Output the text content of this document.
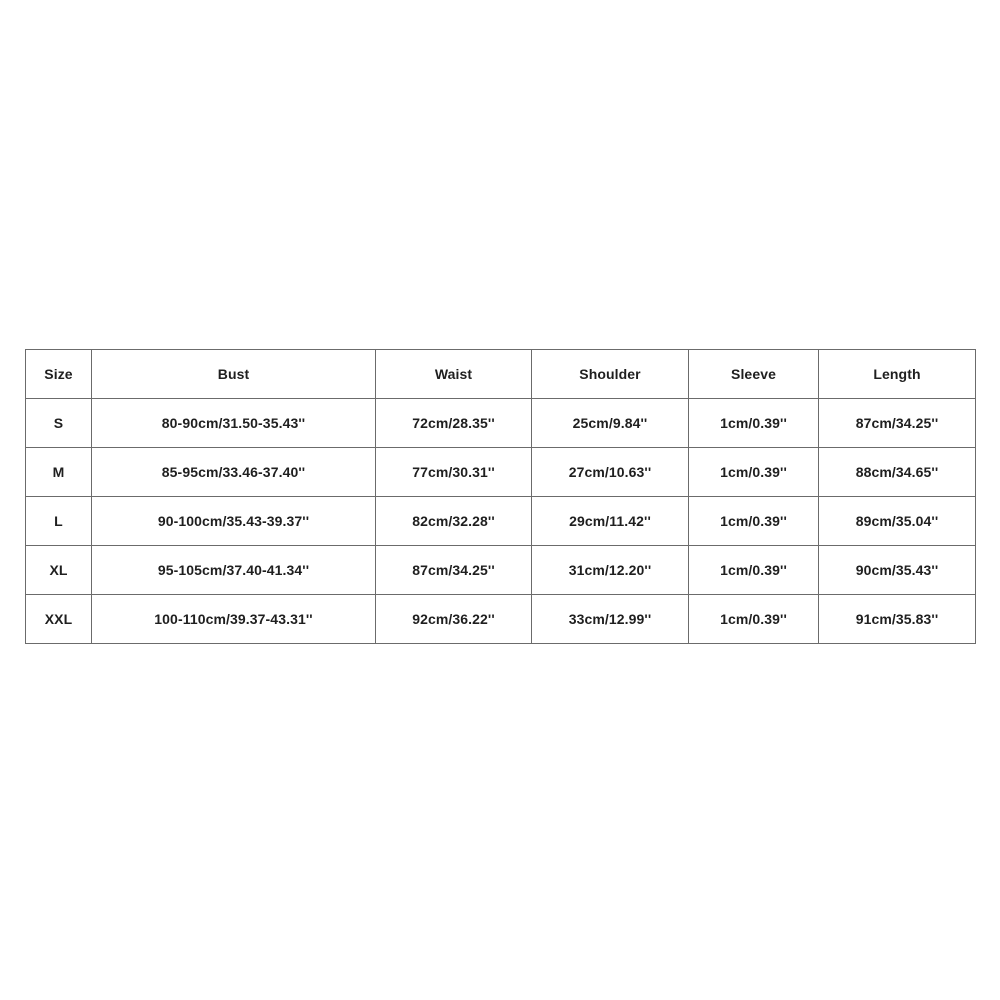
Size	Bust	Waist	Shoulder	Sleeve	Length
S	80-90cm/31.50-35.43''	72cm/28.35''	25cm/9.84''	1cm/0.39''	87cm/34.25''
M	85-95cm/33.46-37.40''	77cm/30.31''	27cm/10.63''	1cm/0.39''	88cm/34.65''
L	90-100cm/35.43-39.37''	82cm/32.28''	29cm/11.42''	1cm/0.39''	89cm/35.04''
XL	95-105cm/37.40-41.34''	87cm/34.25''	31cm/12.20''	1cm/0.39''	90cm/35.43''
XXL	100-110cm/39.37-43.31''	92cm/36.22''	33cm/12.99''	1cm/0.39''	91cm/35.83''
